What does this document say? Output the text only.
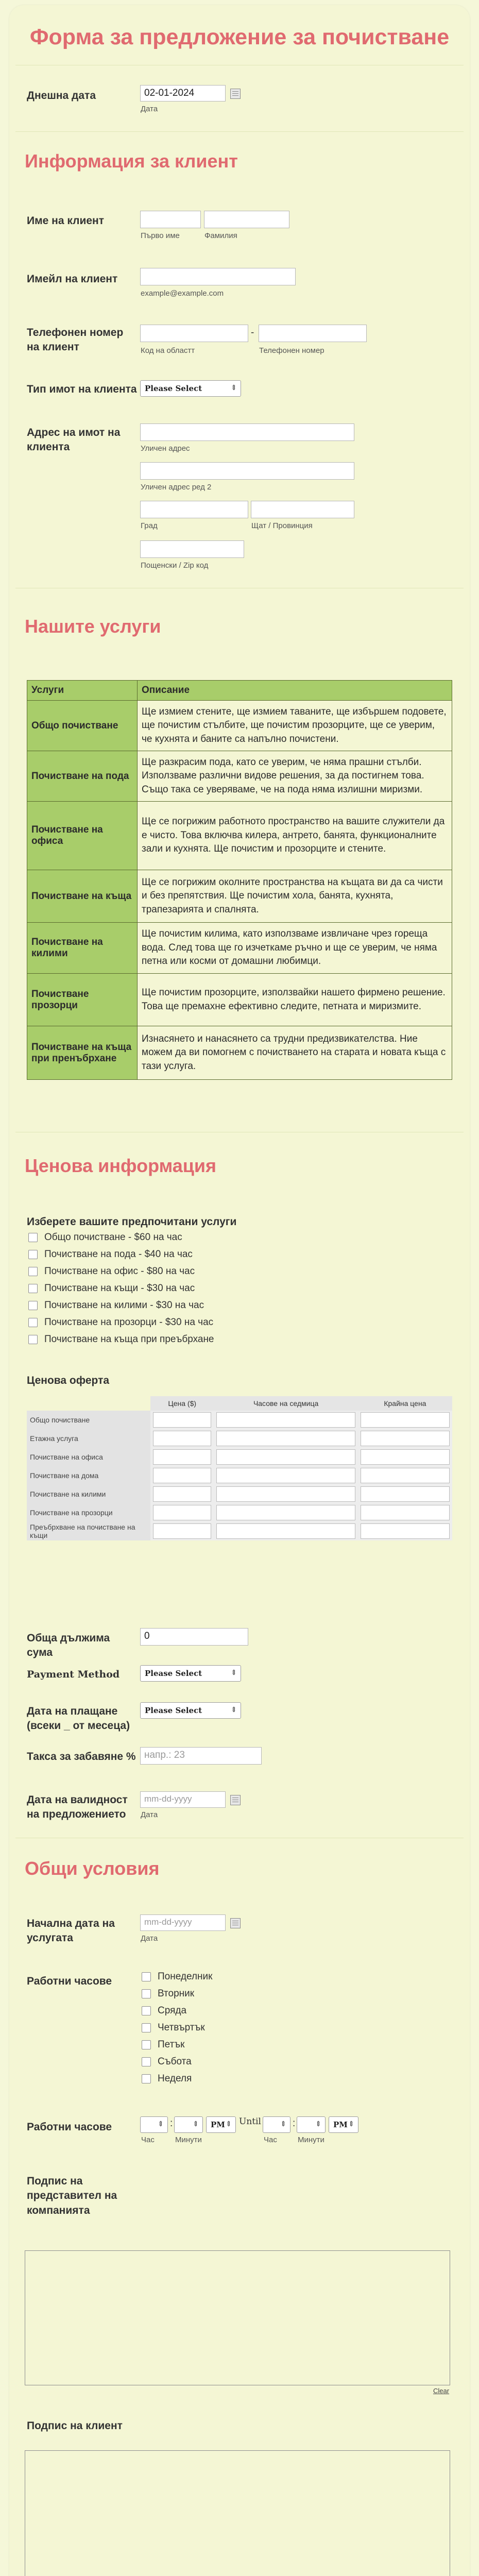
Форма за предложение за почистване
Днешна дата	02-01-2024
Дата
Информация за клиент
Име на клиент
Първо име	Фамилия
Имейл на клиент
example@example.com
Телефонен номер на клиент
-
Код на областт	Телефонен номер
Тип имот на клиента	Please Select	⇕
Адрес на имот на клиента	Уличен адрес
Уличен адрес ред 2
Град	Щат / Провинция
Пощенски / Zip код
Нашите услуги
Услуги	Описание
Общо почистване	Ще измием стените, ще измием таваните, ще избършем подовете, ще почистим стълбите, ще почистим прозорците, ще се уверим, че кухнята и баните са напълно почистени.
Почистване на пода	Ще разкрасим пода, като се уверим, че няма прашни стълби. Използваме различни видове решения, за да постигнем това. Също така се уверяваме, че на пода няма излишни миризми.
Почистване на офиса	Ще се погрижим работното пространство на вашите служители да е чисто. Това включва килера, антрето, банята, функционалните зали и кухнята. Ще почистим и прозорците и стените.
Почистване на къща	Ще се погрижим околните пространства на къщата ви да са чисти и без препятствия. Ще почистим хола, банята, кухнята, трапезарията и спалнята.
Почистване на килими	Ще почистим килима, като използваме извличане чрез гореща вода. След това ще го изчеткаме ръчно и ще се уверим, че няма петна или косми от домашни любимци.
Почистване прозорци	Ще почистим прозорците, използвайки нашето фирмено решение. Това ще премахне ефективно следите, петната и миризмите.
Почистване на къща при пренъбрхане	Изнасянето и нанасянето са трудни предизвикателства. Ние можем да ви помогнем с почистването на старата и новата къща с тази услуга.
Ценова информация
Изберете вашите предпочитани услуги
Общо почистване - $60 на час
Почистване на пода - $40 на час
Почистване на офис - $80 на час
Почистване на къщи - $30 на час
Почистване на килими - $30 на час
Почистване на прозорци - $30 на час
Почистване на къща при преъбрхане
Ценова оферта
	Цена ($)	Часове на седмица	Крайна цена
Общо почистване	

Етажна услуга	

Почистване на офиса	

Почистване на дома	

Почистване на килими	

Почистване на прозорци	

Преъбрхване на почистване на къщи	

Обща дължима сума
0
Payment Method	Please Select	⇕
Дата на плащане (всеки _ от месеца)
Please Select	⇕
Такса за забавяне % напр.: 23
Дата на валидност на предложението
mm-dd-yyyy
Дата
Общи условия
Начална дата на услугата
mm-dd-yyyy
Дата
Работни часове	Понеделник
Вторник
Сряда
Четвъртък
Петък
Събота
Неделя
Работни часове	⇕ :	⇕	PM ⇕ Until	⇕ :	⇕	PM ⇕
Час	Минути	Час	Минути
Подпис на представител на компанията
Clear
Подпис на клиент
